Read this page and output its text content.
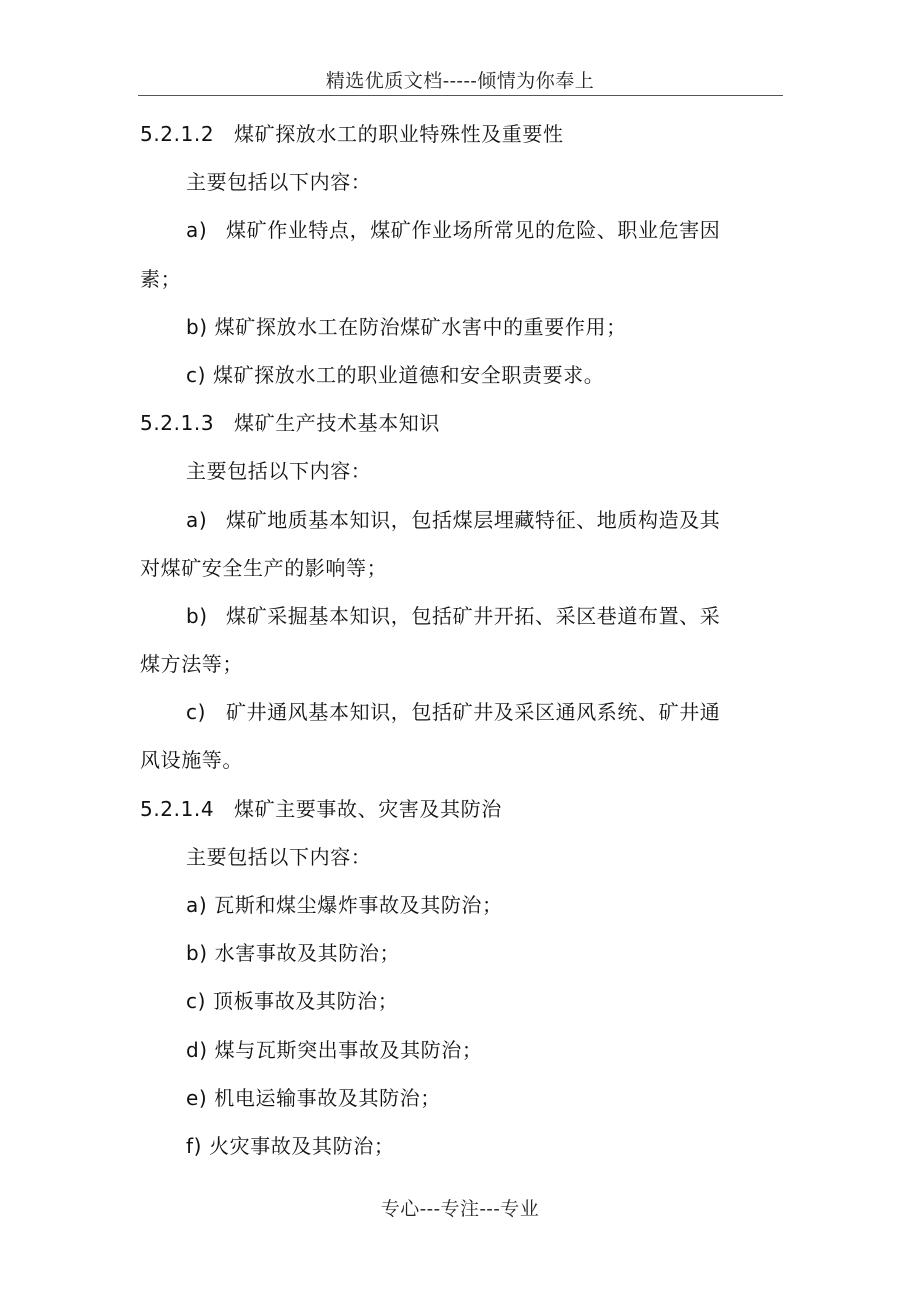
精选优质文档-----倾情为你奉上
5.2.1.2 煤矿探放水工的职业特殊性及重要性
主要包括以下内容：
a) 煤矿作业特点，煤矿作业场所常见的危险、职业危害因
素；
b) 煤矿探放水工在防治煤矿水害中的重要作用；
c) 煤矿探放水工的职业道德和安全职责要求。
5.2.1.3 煤矿生产技术基本知识
主要包括以下内容：
a) 煤矿地质基本知识，包括煤层埋藏特征、地质构造及其
对煤矿安全生产的影响等；
b) 煤矿采掘基本知识，包括矿井开拓、采区巷道布置、采
煤方法等；
c) 矿井通风基本知识，包括矿井及采区通风系统、矿井通
风设施等。
5.2.1.4 煤矿主要事故、灾害及其防治
主要包括以下内容：
a) 瓦斯和煤尘爆炸事故及其防治；
b) 水害事故及其防治；
c) 顶板事故及其防治；
d) 煤与瓦斯突出事故及其防治；
e) 机电运输事故及其防治；
f) 火灾事故及其防治；
专心---专注---专业
